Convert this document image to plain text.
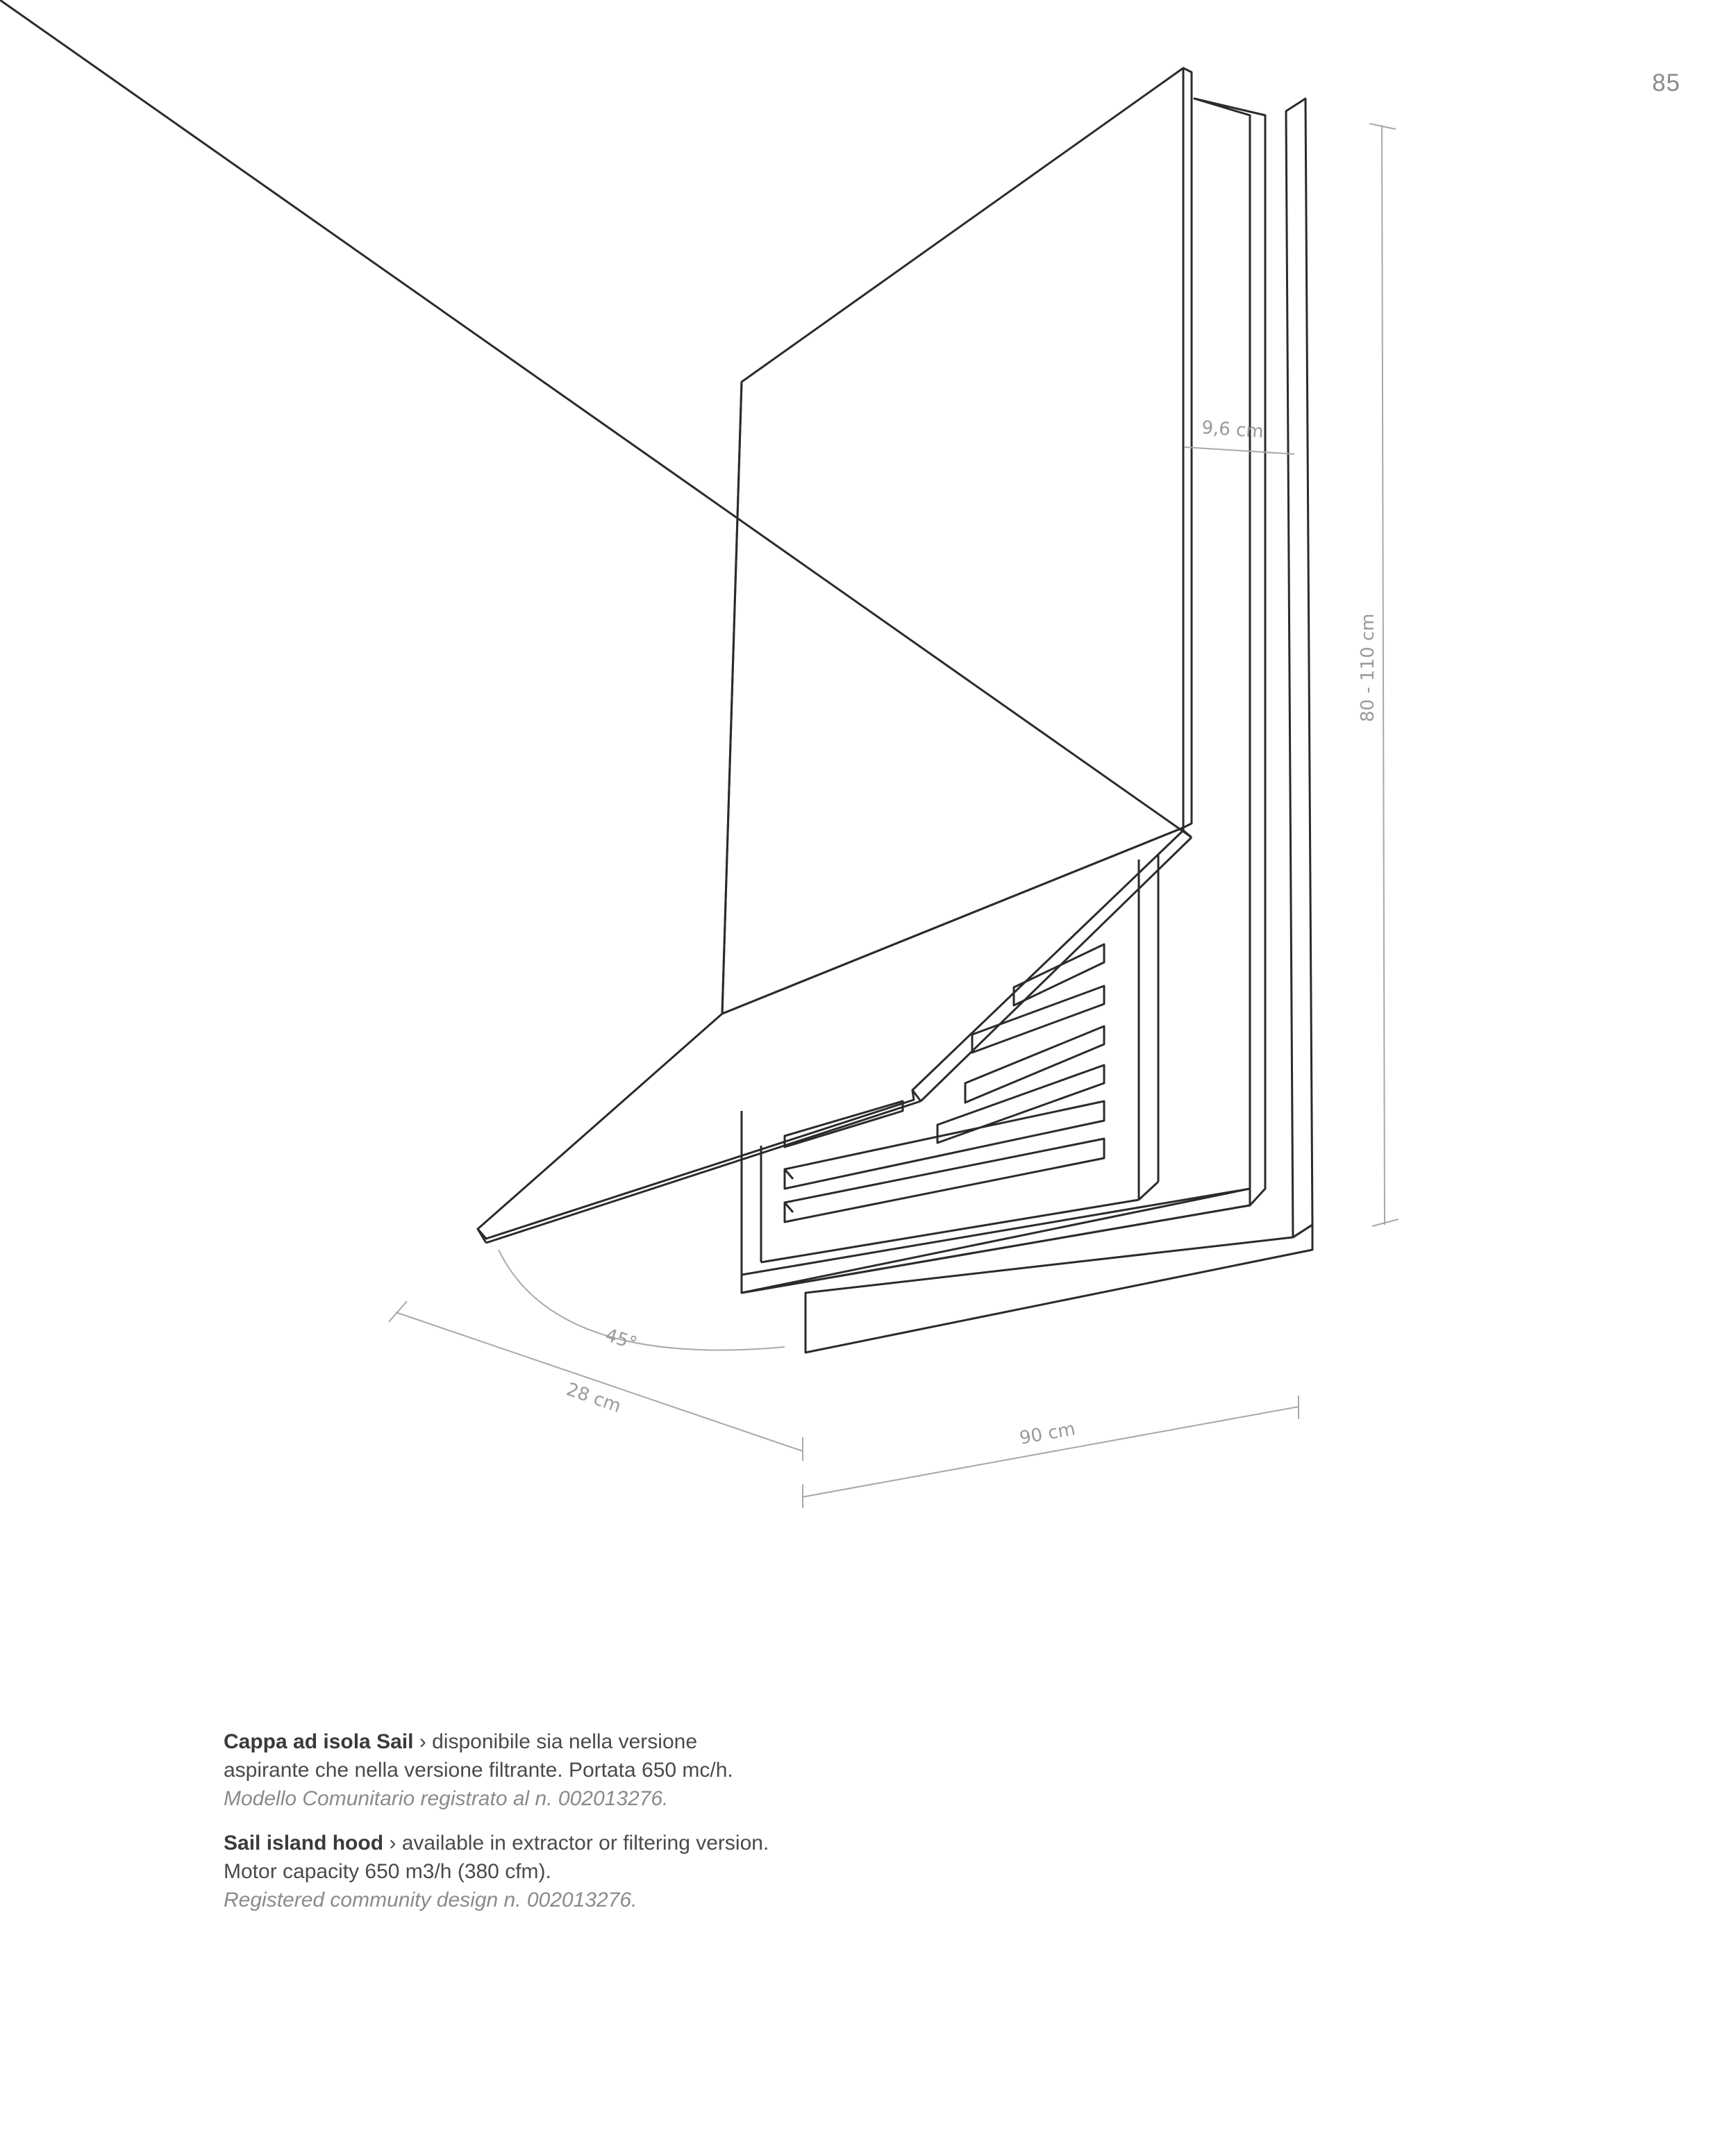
85
9,6 cm
80 - 110 cm
45°
28 cm
90 cm

Cappa ad isola Sail › disponibile sia nella versione

aspirante che nella versione filtrante. Portata 650 mc/h.

Modello Comunitario registrato al n. 002013276.

Sail island hood › available in extractor or filtering version.

Motor capacity 650 m3/h (380 cfm).

Registered community design n. 002013276.
